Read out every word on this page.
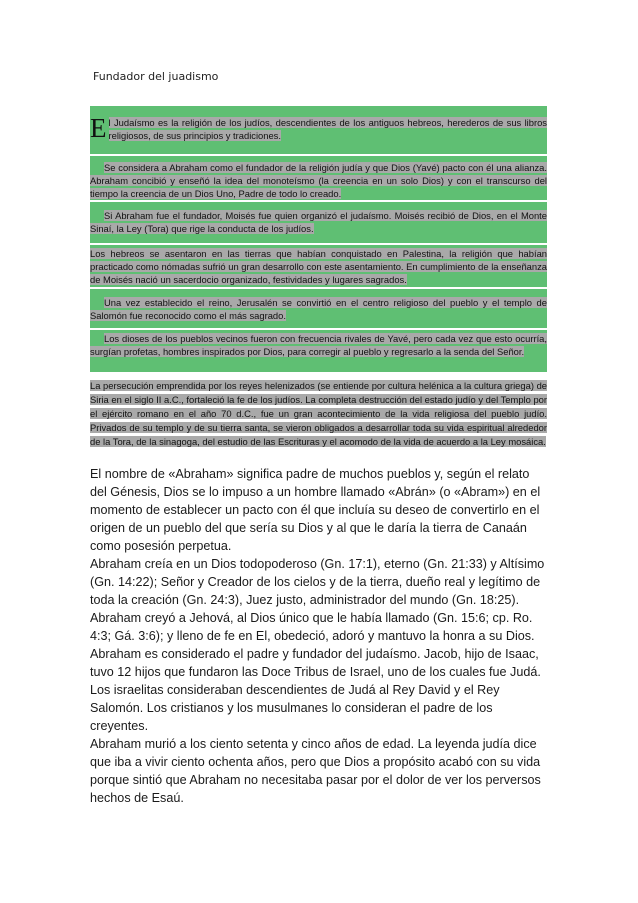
Fundador del juadismo
El Judaísmo es la religión de los judíos, descendientes de los antiguos hebreos, herederos de sus libros religiosos, de sus principios y tradiciones.
Se considera a Abraham como el fundador de la religión judía y que Dios (Yavé) pacto con él una alianza. Abraham concibió y enseñó la idea del monoteísmo (la creencia en un solo Dios) y con el transcurso del tiempo la creencia de un Dios Uno, Padre de todo lo creado.
Si Abraham fue el fundador, Moisés fue quien organizó el judaísmo. Moisés recibió de Dios, en el Monte Sinaí, la Ley (Tora) que rige la conducta de los judíos.
Los hebreos se asentaron en las tierras que habían conquistado en Palestina, la religión que habían practicado como nómadas sufrió un gran desarrollo con este asentamiento. En cumplimiento de la enseñanza de Moisés nació un sacerdocio organizado, festividades y lugares sagrados.
Una vez establecido el reino, Jerusalén se convirtió en el centro religioso del pueblo y el templo de Salomón fue reconocido como el más sagrado.
Los dioses de los pueblos vecinos fueron con frecuencia rivales de Yavé, pero cada vez que esto ocurría, surgían profetas, hombres inspirados por Dios, para corregir al pueblo y regresarlo a la senda del Señor.
La persecución emprendida por los reyes helenizados (se entiende por cultura helénica a la cultura griega) de Siria en el siglo II a.C., fortaleció la fe de los judíos. La completa destrucción del estado judío y del Templo por el ejército romano en el año 70 d.C., fue un gran acontecimiento de la vida religiosa del pueblo judío. Privados de su templo y de su tierra santa, se vieron obligados a desarrollar toda su vida espiritual alrededor de la Tora, de la sinagoga, del estudio de las Escrituras y el acomodo de la vida de acuerdo a la Ley mosáica.

El nombre de «Abraham» significa padre de muchos pueblos y, según el relato del Génesis, Dios se lo impuso a un hombre llamado «Abrán» (o «Abram») en el momento de establecer un pacto con él que incluía su deseo de convertirlo en el origen de un pueblo del que sería su Dios y al que le daría la tierra de Canaán como posesión perpetua.

Abraham creía en un Dios todopoderoso (Gn. 17:1), eterno (Gn. 21:33) y Altísimo (Gn. 14:22); Señor y Creador de los cielos y de la tierra, dueño real y legítimo de toda la creación (Gn. 24:3), Juez justo, administrador del mundo (Gn. 18:25). Abraham creyó a Jehová, al Dios único que le había llamado (Gn. 15:6; cp. Ro. 4:3; Gá. 3:6); y lleno de fe en El, obedeció, adoró y mantuvo la honra a su Dios.

Abraham es considerado el padre y fundador del judaísmo. Jacob, hijo de Isaac, tuvo 12 hijos que fundaron las Doce Tribus de Israel, uno de los cuales fue Judá. Los israelitas consideraban descendientes de Judá al Rey David y el Rey Salomón. Los cristianos y los musulmanes lo consideran el padre de los creyentes.

Abraham murió a los ciento setenta y cinco años de edad. La leyenda judía dice que iba a vivir ciento ochenta años, pero que Dios a propósito acabó con su vida porque sintió que Abraham no necesitaba pasar por el dolor de ver los perversos hechos de Esaú.
